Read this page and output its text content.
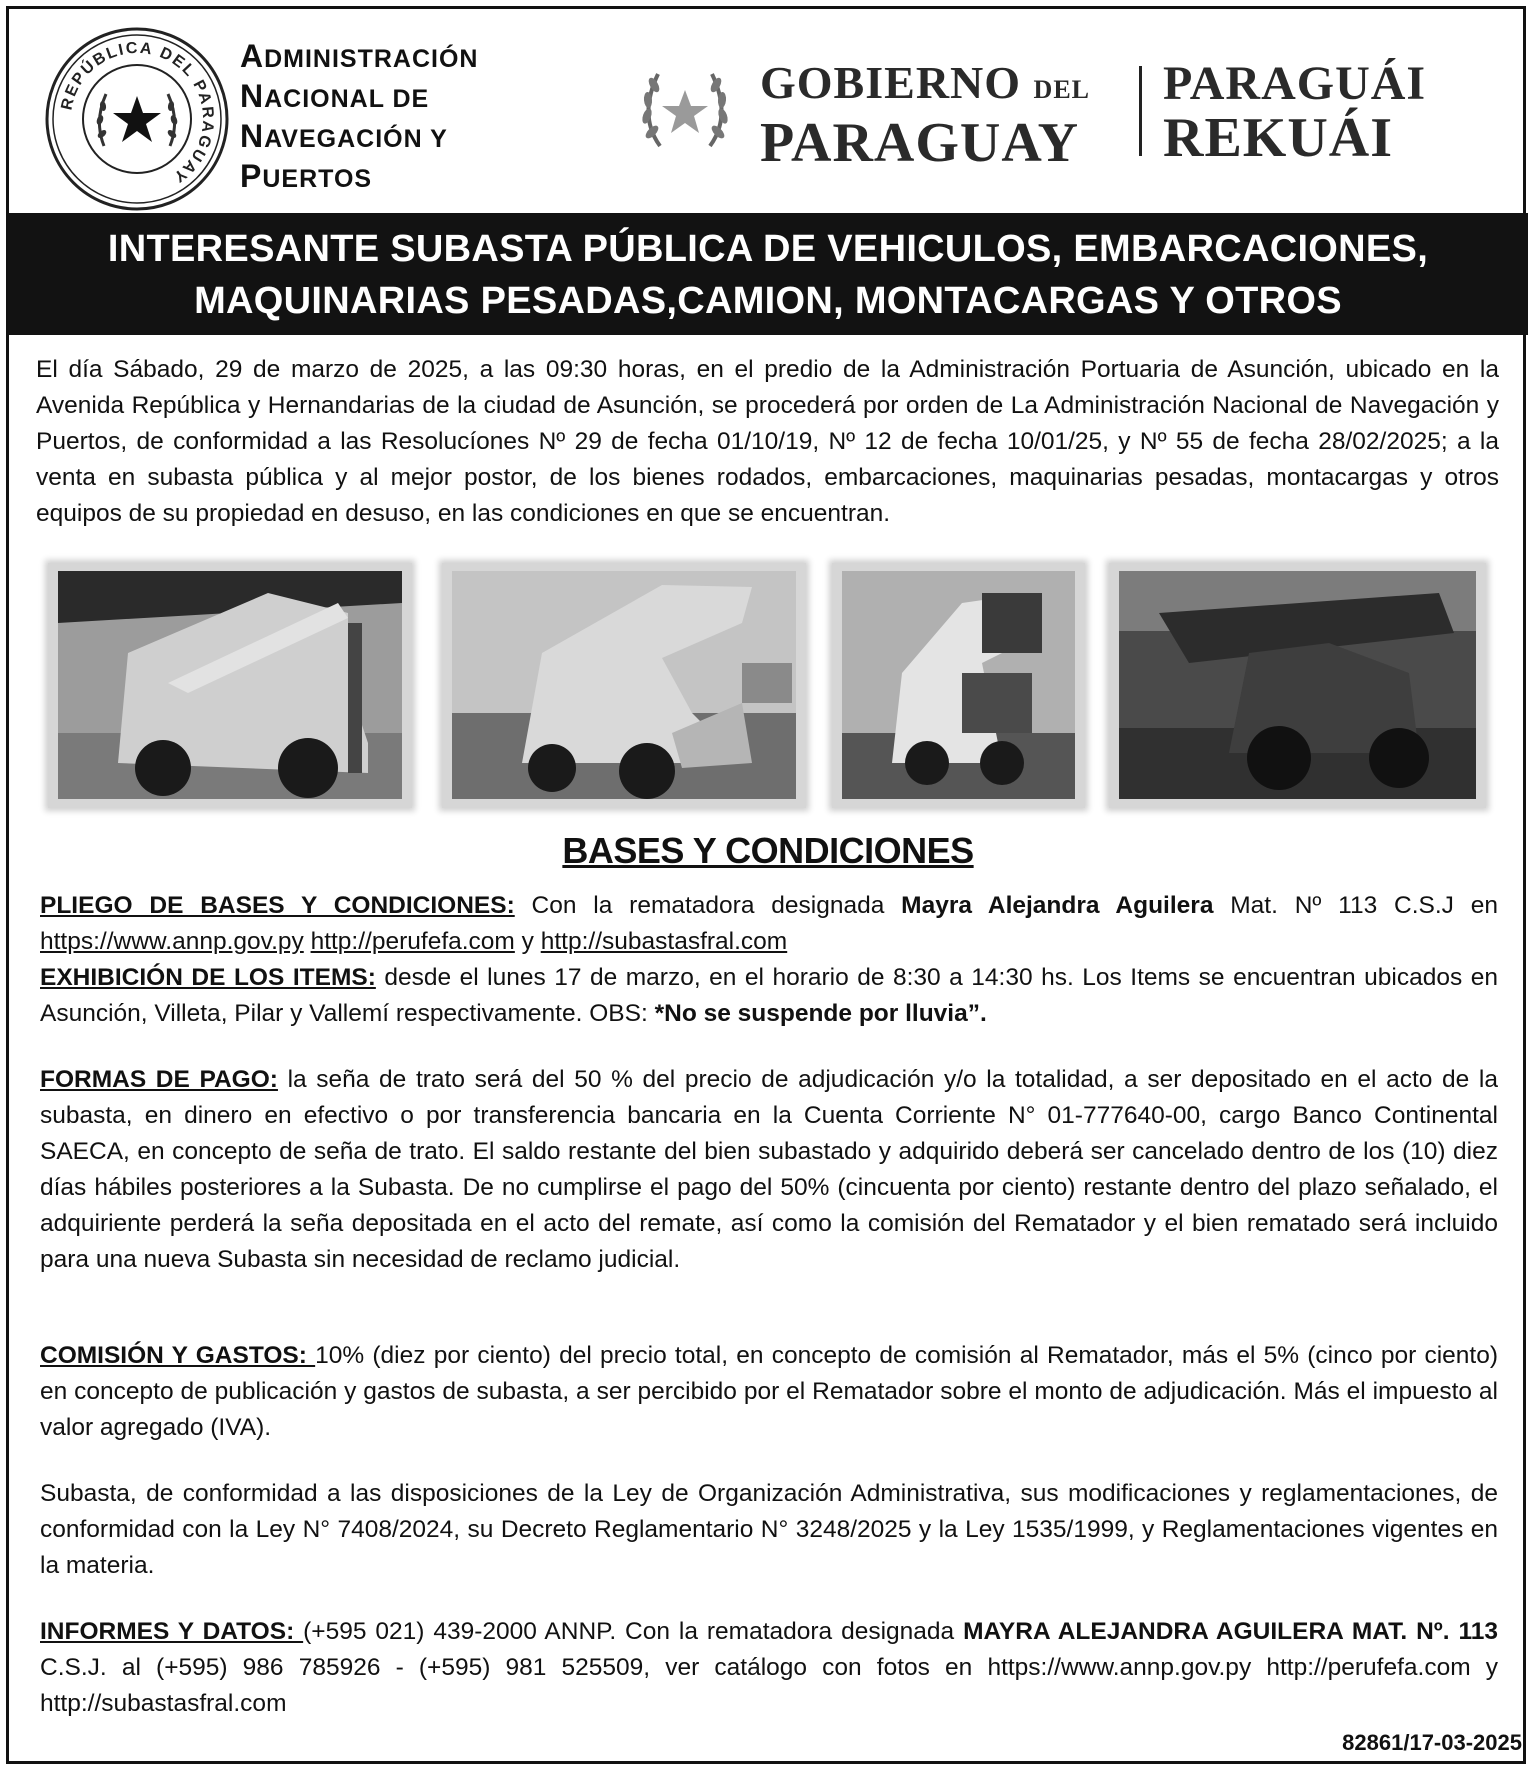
REPÚBLICA DEL PARAGUAY
ADMINISTRACIÓN
NACIONAL DE
NAVEGACIÓN Y
PUERTOS
GOBIERNO DEL
PARAGUAY
PARAGUÁI
REKUÁI
INTERESANTE SUBASTA PÚBLICA DE VEHICULOS, EMBARCACIONES,
MAQUINARIAS PESADAS,CAMION, MONTACARGAS Y OTROS
El día Sábado, 29 de marzo de 2025, a las 09:30 horas, en el predio de la Administración Portuaria de Asunción, ubicado en la Avenida República y Hernandarias de la ciudad de Asunción, se procederá por orden de La Administración Nacional de Navegación y Puertos, de conformidad a las Resolucíones Nº 29 de fecha 01/10/19, Nº 12 de fecha 10/01/25, y Nº 55 de fecha 28/02/2025; a la venta en subasta pública y al mejor postor, de los bienes rodados, embarcaciones, maquinarias pesadas, montacargas y otros equipos de su propiedad en desuso, en las condiciones en que se encuentran.
BASES Y CONDICIONES
PLIEGO DE BASES Y CONDICIONES: Con la rematadora designada Mayra Alejandra Aguilera Mat. Nº 113 C.S.J en https://www.annp.gov.py http://perufefa.com y http://subastasfral.com
EXHIBICIÓN DE LOS ITEMS: desde el lunes 17 de marzo, en el horario de 8:30 a 14:30 hs. Los Items se encuentran ubicados en Asunción, Villeta, Pilar y Vallemí respectivamente. OBS: *No se suspende por lluvia”.
FORMAS DE PAGO: la seña de trato será del 50 % del precio de adjudicación y/o la totalidad, a ser depositado en el acto de la subasta, en dinero en efectivo o por transferencia bancaria en la Cuenta Corriente N° 01-777640-00, cargo Banco Continental SAECA, en concepto de seña de trato. El saldo restante del bien subastado y adquirido deberá ser cancelado dentro de los (10) diez días hábiles posteriores a la Subasta. De no cumplirse el pago del 50% (cincuenta por ciento) restante dentro del plazo señalado, el adquiriente perderá la seña depositada en el acto del remate, así como la comisión del Rematador y el bien rematado será incluido para una nueva Subasta sin necesidad de reclamo judicial.
COMISIÓN Y GASTOS: 10% (diez por ciento) del precio total, en concepto de comisión al Rematador, más el 5% (cinco por ciento) en concepto de publicación y gastos de subasta, a ser percibido por el Rematador sobre el monto de adjudicación. Más el impuesto al valor agregado (IVA).
Subasta, de conformidad a las disposiciones de la Ley de Organización Administrativa, sus modificaciones y reglamentaciones, de conformidad con la Ley N° 7408/2024, su Decreto Reglamentario N° 3248/2025 y la Ley 1535/1999, y Reglamentaciones vigentes en la materia.
INFORMES Y DATOS: (+595 021) 439-2000 ANNP. Con la rematadora designada MAYRA ALEJANDRA AGUILERA MAT. Nº. 113 C.S.J. al (+595) 986 785926 - (+595) 981 525509, ver catálogo con fotos en https://www.annp.gov.py http://perufefa.com y http://subastasfral.com
82861/17-03-2025
